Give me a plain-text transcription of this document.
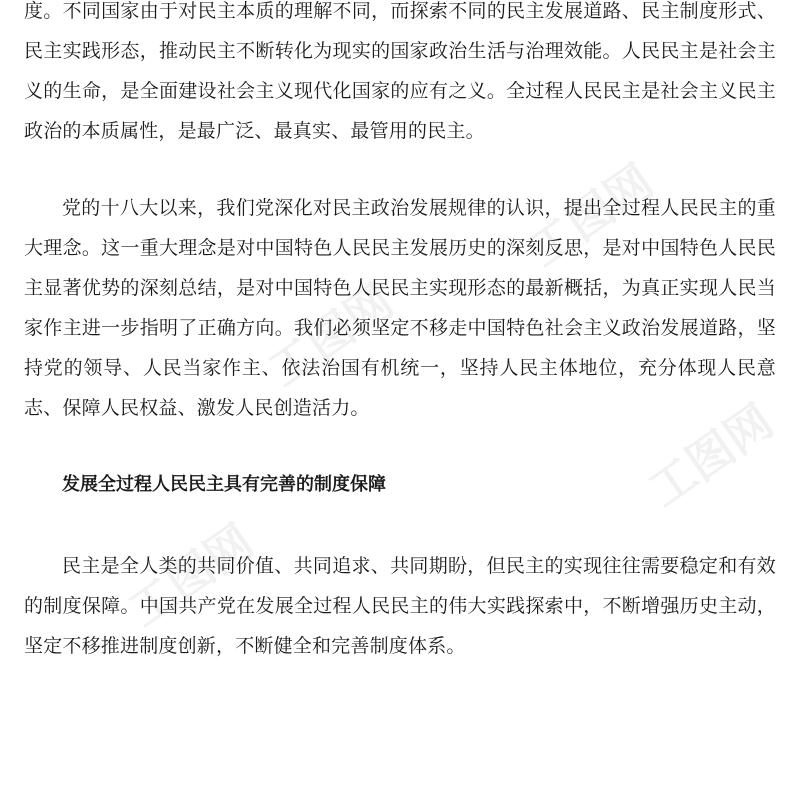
工图网
工图网
工图网
工图网

度。不同国家由于对民主本质的理解不同，而探索不同的民主发展道路、民主制度形式、民主实践形态，推动民主不断转化为现实的国家政治生活与治理效能。人民民主是社会主义的生命，是全面建设社会主义现代化国家的应有之义。全过程人民民主是社会主义民主政治的本质属性，是最广泛、最真实、最管用的民主。

党的十八大以来，我们党深化对民主政治发展规律的认识，提出全过程人民民主的重大理念。这一重大理念是对中国特色人民民主发展历史的深刻反思，是对中国特色人民民主显著优势的深刻总结，是对中国特色人民民主实现形态的最新概括，为真正实现人民当家作主进一步指明了正确方向。我们必须坚定不移走中国特色社会主义政治发展道路，坚持党的领导、人民当家作主、依法治国有机统一，坚持人民主体地位，充分体现人民意志、保障人民权益、激发人民创造活力。

发展全过程人民民主具有完善的制度保障

民主是全人类的共同价值、共同追求、共同期盼，但民主的实现往往需要稳定和有效的制度保障。中国共产党在发展全过程人民民主的伟大实践探索中，不断增强历史主动，坚定不移推进制度创新，不断健全和完善制度体系。
